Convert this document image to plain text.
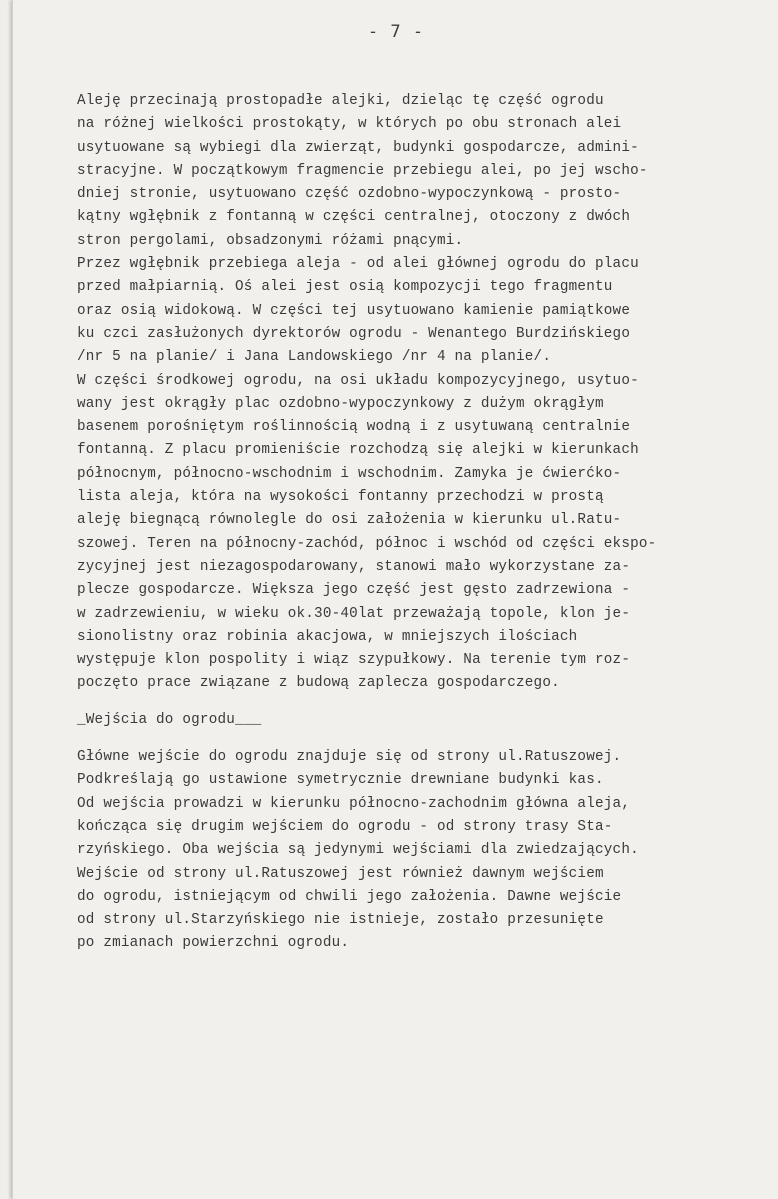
- 7 -
Aleję przecinają prostopadłe alejki, dzieląc tę część ogrodu
na różnej wielkości prostokąty, w których po obu stronach alei
usytuowane są wybiegi dla zwierząt, budynki gospodarcze, admini-
stracyjne. W początkowym fragmencie przebiegu alei, po jej wscho-
dniej stronie, usytuowano część ozdobno-wypoczynkową - prosto-
kątny wgłębnik z fontanną w części centralnej, otoczony z dwóch
stron pergolami, obsadzonymi różami pnącymi.
Przez wgłębnik przebiega aleja - od alei głównej ogrodu do placu
przed małpiarnią. Oś alei jest osią kompozycji tego fragmentu
oraz osią widokową. W części tej usytuowano kamienie pamiątkowe
ku czci zasłużonych dyrektorów ogrodu - Wenantego Burdzińskiego
/nr 5 na planie/ i Jana Landowskiego /nr 4 na planie/.
W części środkowej ogrodu, na osi układu kompozycyjnego, usytuo-
wany jest okrągły plac ozdobno-wypoczynkowy z dużym okrągłym
basenem porośniętym roślinnością wodną i z usytuwaną centralnie
fontanną. Z placu promieniście rozchodzą się alejki w kierunkach
północnym, północno-wschodnim i wschodnim. Zamyka je ćwierćko-
lista aleja, która na wysokości fontanny przechodzi w prostą
aleję biegnącą równolegle do osi założenia w kierunku ul.Ratu-
szowej. Teren na północny-zachód, północ i wschód od części ekspo-
zycyjnej jest niezagospodarowany, stanowi mało wykorzystane za-
plecze gospodarcze. Większa jego część jest gęsto zadrzewiona -
w zadrzewieniu, w wieku ok.30-40lat przeważają topole, klon je-
sionolistny oraz robinia akacjowa, w mniejszych ilościach
występuje klon pospolity i wiąz szypułkowy. Na terenie tym roz-
poczęto prace związane z budową zaplecza gospodarczego.
_Wejścia do ogrodu___
Główne wejście do ogrodu znajduje się od strony ul.Ratuszowej.
Podkreślają go ustawione symetrycznie drewniane budynki kas.
Od wejścia prowadzi w kierunku północno-zachodnim główna aleja,
kończąca się drugim wejściem do ogrodu - od strony trasy Sta-
rzyńskiego. Obа wejścia są jedynymi wejściami dla zwiedzających.
Wejście od strony ul.Ratuszowej jest również dawnym wejściem
do ogrodu, istniejącym od chwili jego założenia. Dawne wejście
od strony ul.Starzyńskiego nie istnieje, zostało przesunięte
po zmianach powierzchni ogrodu.
